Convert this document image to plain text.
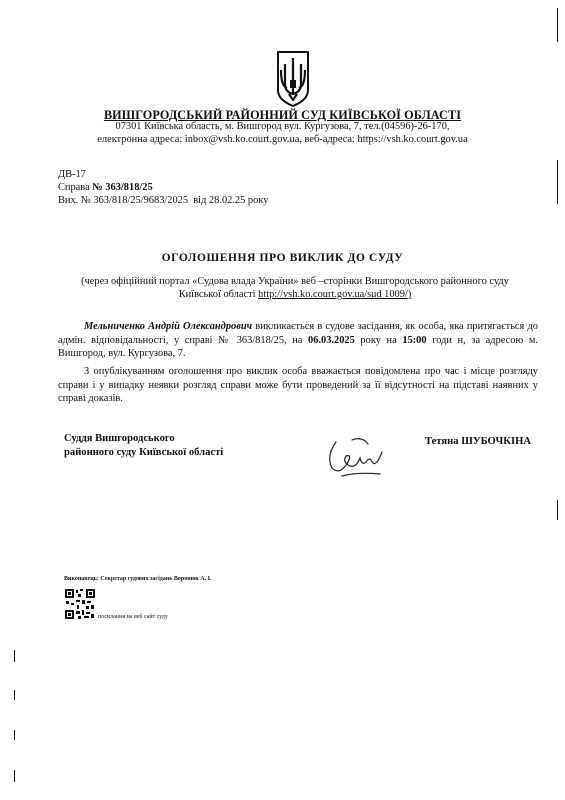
ВИШГОРОДСЬКИЙ РАЙОННИЙ СУД КИЇВСЬКОЇ ОБЛАСТІ
07301 Київська область, м. Вишгород вул. Кургузова, 7, тел.(04596)-26-170,
електронна адреса: inbox@vsh.ko.court.gov.ua, веб-адреса: https://vsh.ko.court.gov.ua
ДВ-17
Справа № 363/818/25
Вих. № 363/818/25/9683/2025 від 28.02.25 року
ОГОЛОШЕННЯ ПРО ВИКЛИК ДО СУДУ
(через офіційний портал «Судова влада України» веб –сторінки Вишгородського районного суду Київської області http://vsh.ko.court.gov.ua/sud 1009/)
Мельниченко Андрій Олександрович викликається в судове засідання, як особа, яка притягається до адмін. відповідальності, у справі № 363/818/25, на 06.03.2025 року на 15:00 годи н, за адресою м. Вишгород, вул. Кургузова, 7.
З опублікуванням оголошення про виклик особа вважається повідомлена про час і місце розгляду справи і у випадку неявки розгляд справи може бути проведений за її відсутності на підставі наявних у справі доказів.
Суддя Вишгородського
районного суду Київської області
Тетяна ШУБОЧКІНА
Виконавець: Секретар судових засідань Воронюк А. І.
посилання на веб сайт суду
